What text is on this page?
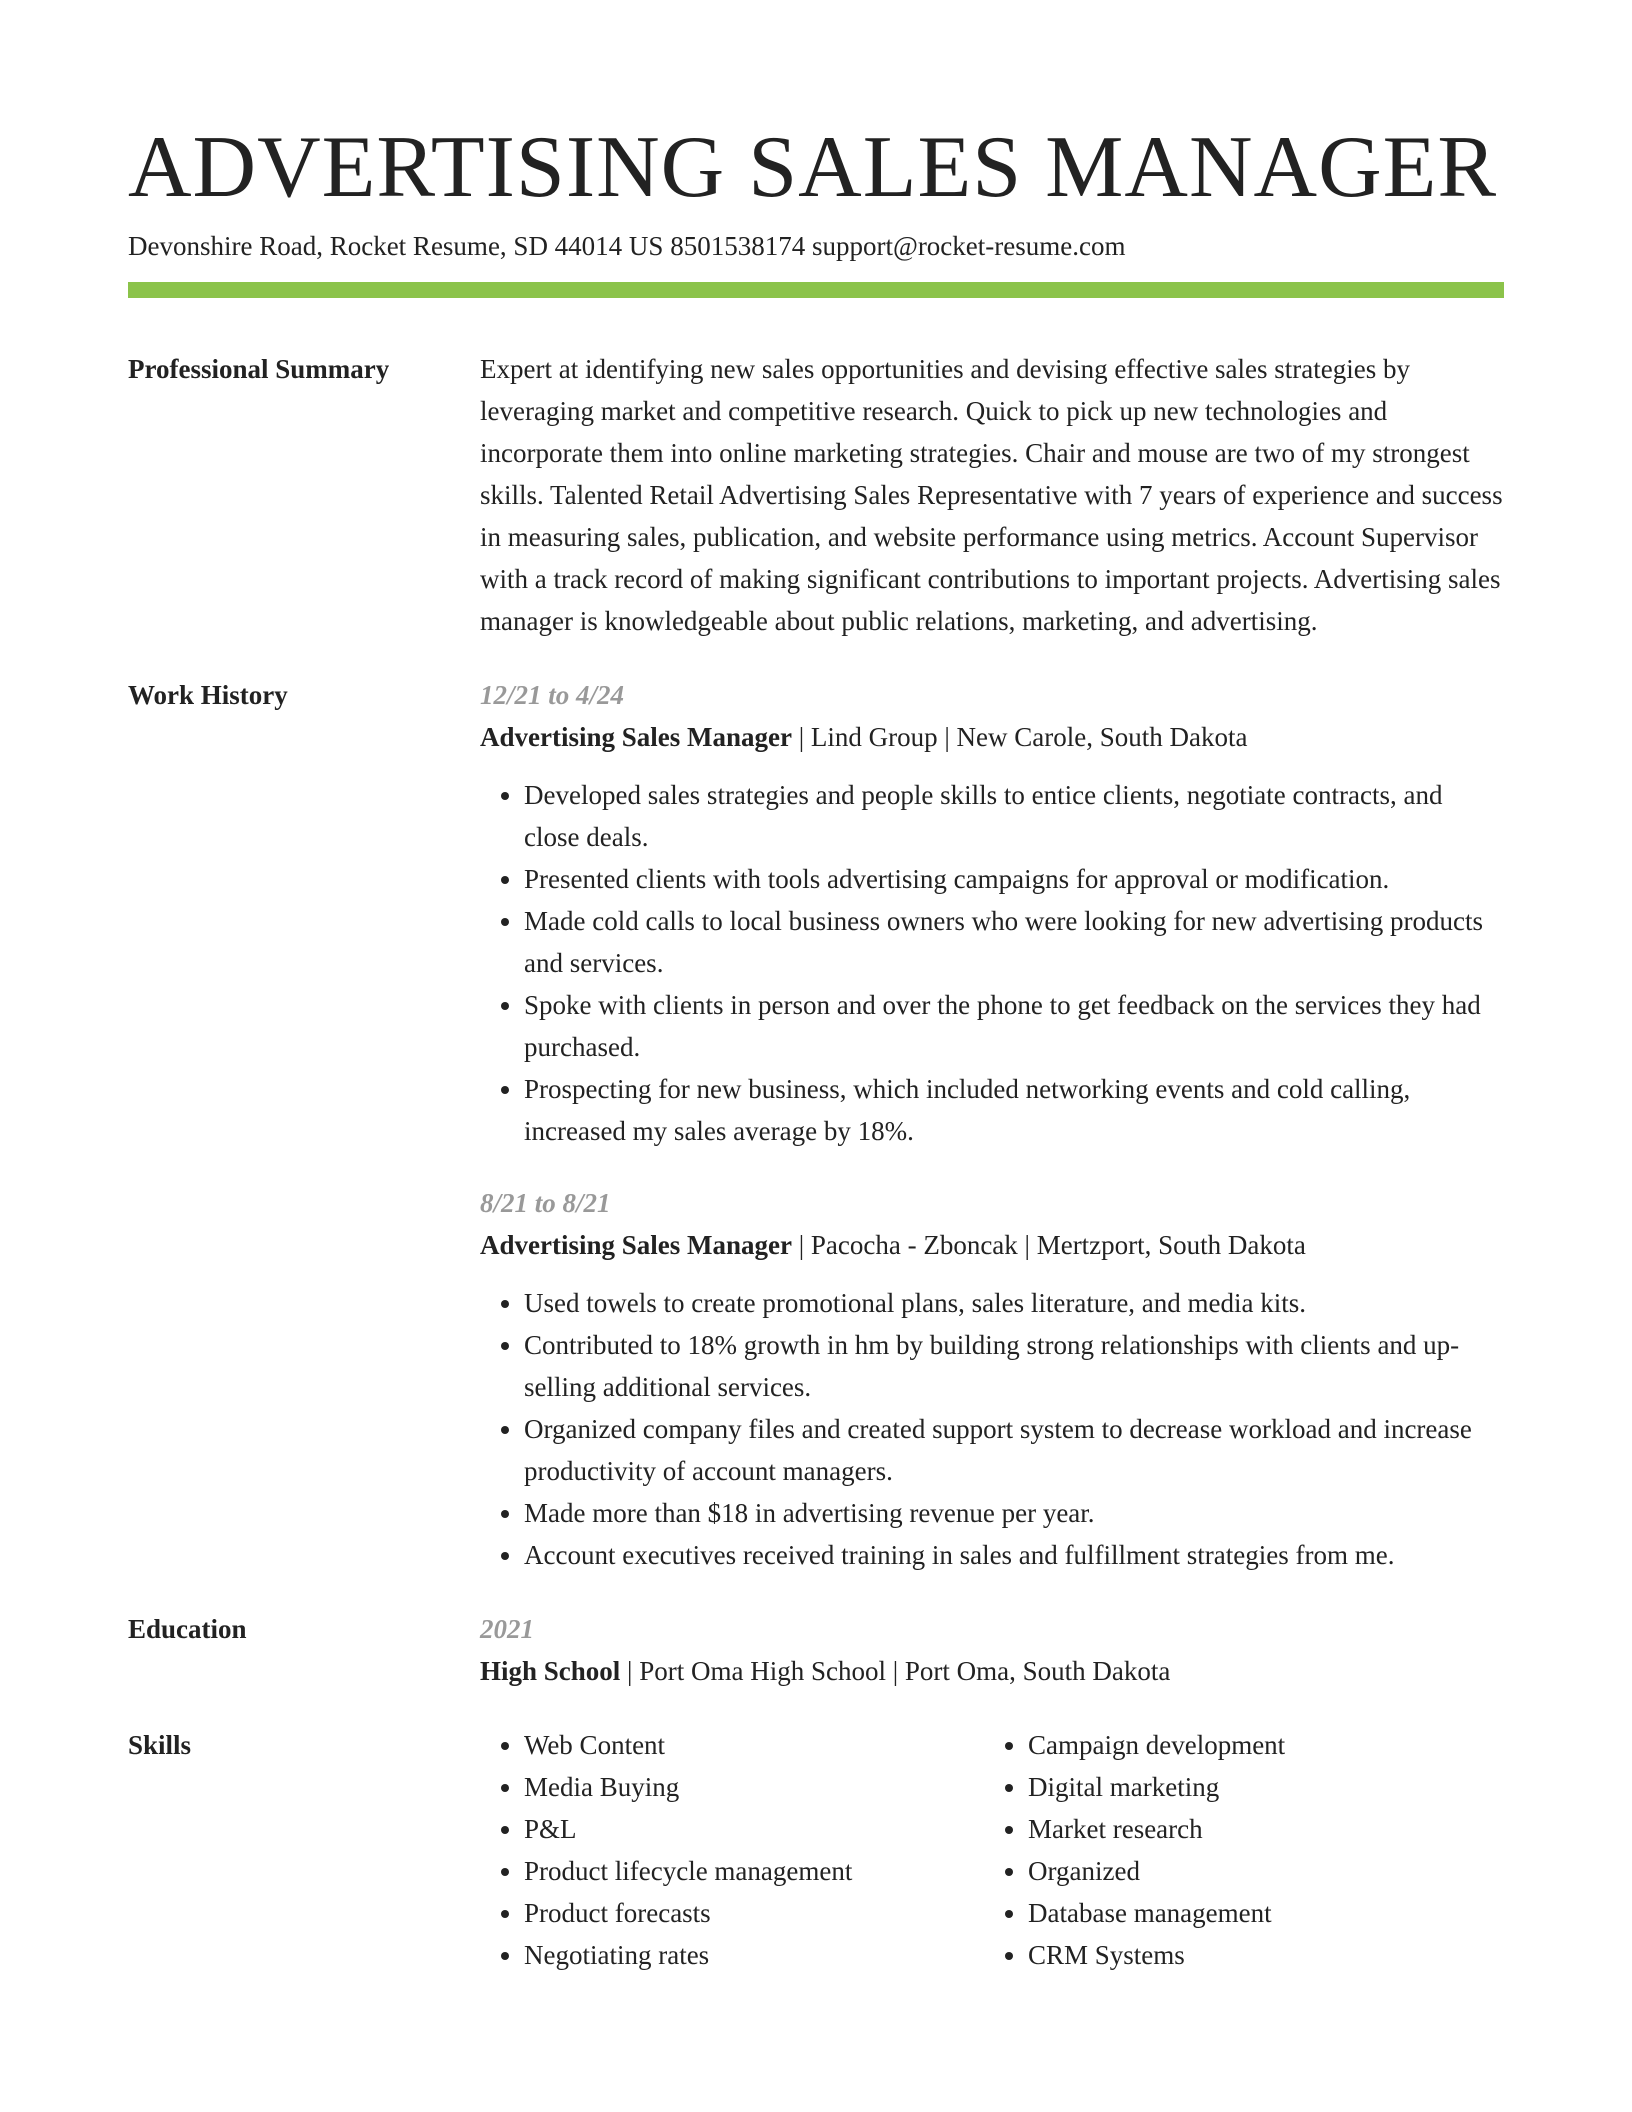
ADVERTISING SALES MANAGER
Devonshire Road, Rocket Resume, SD 44014 US 8501538174 support@rocket-resume.com
Professional Summary	Expert at identifying new sales opportunities and devising effective sales strategies by leveraging market and competitive research. Quick to pick up new technologies and incorporate them into online marketing strategies. Chair and mouse are two of my strongest skills. Talented Retail Advertising Sales Representative with 7 years of experience and success in measuring sales, publication, and website performance using metrics. Account Supervisor with a track record of making significant contributions to important projects. Advertising sales manager is knowledgeable about public relations, marketing, and advertising.
Work History	12/21 to 4/24
Advertising Sales Manager | Lind Group | New Carole, South Dakota
• Developed sales strategies and people skills to entice clients, negotiate contracts, and close deals.
• Presented clients with tools advertising campaigns for approval or modification.
• Made cold calls to local business owners who were looking for new advertising products and services.
• Spoke with clients in person and over the phone to get feedback on the services they had purchased.
• Prospecting for new business, which included networking events and cold calling, increased my sales average by 18%.
8/21 to 8/21
Advertising Sales Manager | Pacocha - Zboncak | Mertzport, South Dakota
• Used towels to create promotional plans, sales literature, and media kits.
• Contributed to 18% growth in hm by building strong relationships with clients and up-selling additional services.
• Organized company files and created support system to decrease workload and increase productivity of account managers.
• Made more than $18 in advertising revenue per year.
• Account executives received training in sales and fulfillment strategies from me.
Education	2021
High School | Port Oma High School | Port Oma, South Dakota
Skills
•	Web Content
• Media Buying
• P&L
• Product lifecycle management
• Product forecasts
• Negotiating rates
• Campaign development
• Digital marketing
• Market research
• Organized
• Database management
• CRM Systems
